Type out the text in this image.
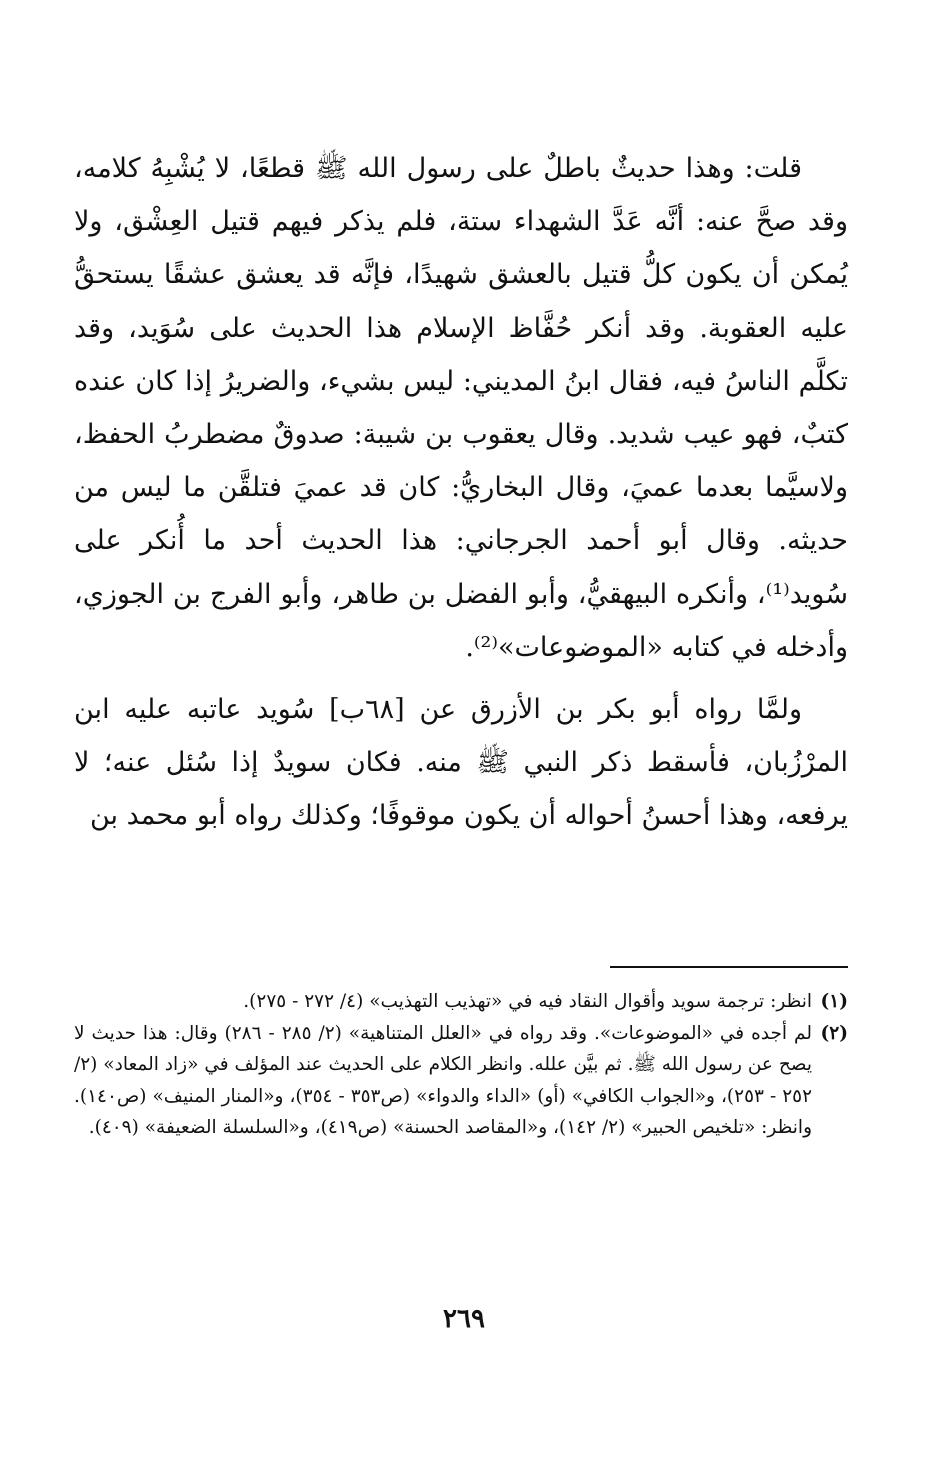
قلت: وهذا حديثٌ باطلٌ على رسول الله ﷺ قطعًا، لا يُشْبِهُ كلامه، وقد صحَّ عنه: أنَّه عَدَّ الشهداء ستة، فلم يذكر فيهم قتيل العِشْق، ولا يُمكن أن يكون كلُّ قتيل بالعشق شهيدًا، فإنَّه قد يعشق عشقًا يستحقُّ عليه العقوبة. وقد أنكر حُفَّاظ الإسلام هذا الحديث على سُوَيد، وقد تكلَّم الناسُ فيه، فقال ابنُ المديني: ليس بشيء، والضريرُ إذا كان عنده كتبٌ، فهو عيب شديد. وقال يعقوب بن شيبة: صدوقٌ مضطربُ الحفظ، ولاسيَّما بعدما عميَ، وقال البخاريُّ: كان قد عميَ فتلقَّن ما ليس من حديثه. وقال أبو أحمد الجرجاني: هذا الحديث أحد ما أُنكر على سُويد⁽¹⁾، وأنكره البيهقيُّ، وأبو الفضل بن طاهر، وأبو الفرج بن الجوزي، وأدخله في كتابه «الموضوعات»⁽²⁾.

ولمَّا رواه أبو بكر بن الأزرق عن [٦٨ب] سُويد عاتبه عليه ابن المرْزُبان، فأسقط ذكر النبي ﷺ منه. فكان سويدٌ إذا سُئل عنه؛ لا يرفعه، وهذا أحسنُ أحواله أن يكون موقوفًا؛ وكذلك رواه أبو محمد بن

(١)
انظر: ترجمة سويد وأقوال النقاد فيه في «تهذيب التهذيب» (٤/ ٢٧٢ - ٢٧٥).
(٢)
لم أجده في «الموضوعات». وقد رواه في «العلل المتناهية» (٢/ ٢٨٥ - ٢٨٦) وقال: هذا حديث لا يصح عن رسول الله ﷺ. ثم بيَّن علله. وانظر الكلام على الحديث عند المؤلف في «زاد المعاد» (٢/ ٢٥٢ - ٢٥٣)، و«الجواب الكافي» (أو) «الداء والدواء» (ص٣٥٣ - ٣٥٤)، و«المنار المنيف» (ص١٤٠). وانظر: «تلخيص الحبير» (٢/ ١٤٢)، و«المقاصد الحسنة» (ص٤١٩)، و«السلسلة الضعيفة» (٤٠٩).
٢٦٩
